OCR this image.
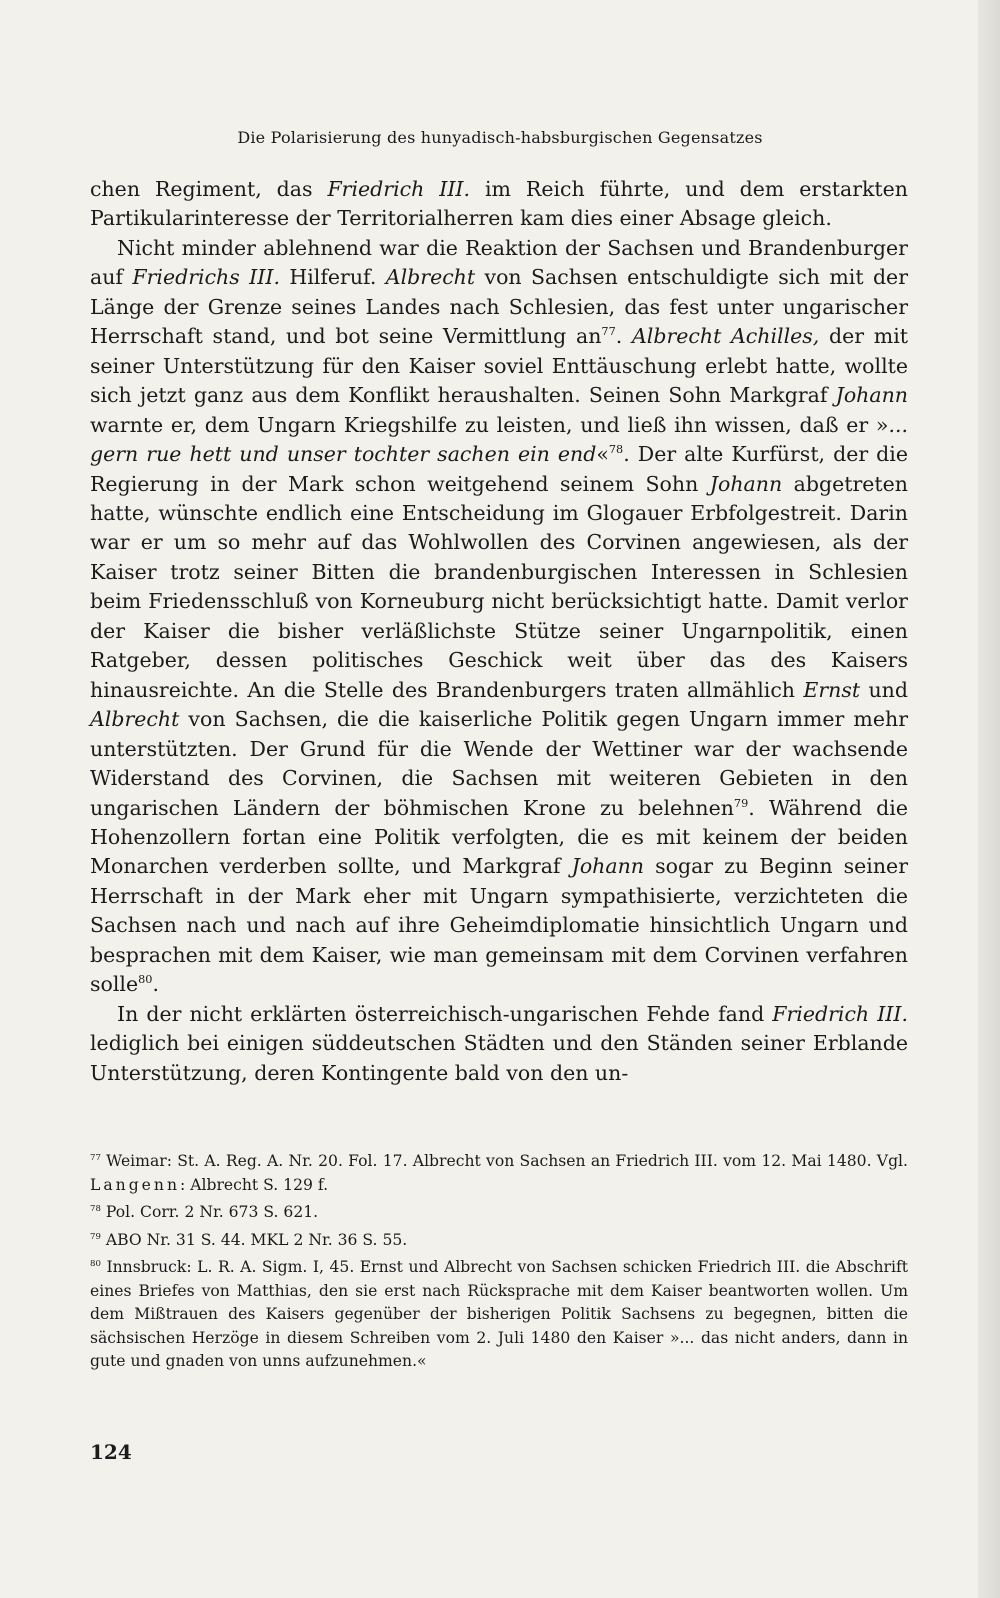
Die Polarisierung des hunyadisch-habsburgischen Gegensatzes

chen Regiment, das Friedrich III. im Reich führte, und dem erstarkten Partikularinteresse der Territorialherren kam dies einer Absage gleich.

Nicht minder ablehnend war die Reaktion der Sachsen und Brandenburger auf Friedrichs III. Hilferuf. Albrecht von Sachsen entschuldigte sich mit der Länge der Grenze seines Landes nach Schlesien, das fest unter ungarischer Herrschaft stand, und bot seine Vermittlung $an^{77}$. Albrecht Achilles, der mit seiner Unterstützung für den Kaiser soviel Enttäuschung erlebt hatte, wollte sich jetzt ganz aus dem Konflikt heraushalten. Seinen Sohn Markgraf Johann warnte er, dem Ungarn Kriegshilfe zu leisten, und ließ ihn wissen, daß er »... gern rue hett und unser tochter sachen ein end«$^{78}$. Der alte Kurfürst, der die Regierung in der Mark schon weitgehend seinem Sohn Johann abgetreten hatte, wünschte endlich eine Entscheidung im Glogauer Erbfolgestreit. Darin war er um so mehr auf das Wohlwollen des Corvinen angewiesen, als der Kaiser trotz seiner Bitten die brandenburgischen Interessen in Schlesien beim Friedensschluß von Korneuburg nicht berücksichtigt hatte. Damit verlor der Kaiser die bisher verläßlichste Stütze seiner Ungarnpolitik, einen Ratgeber, dessen politisches Geschick weit über das des Kaisers hinausreichte. An die Stelle des Brandenburgers traten allmählich Ernst und Albrecht von Sachsen, die die kaiserliche Politik gegen Ungarn immer mehr unterstützten. Der Grund für die Wende der Wettiner war der wachsende Widerstand des Corvinen, die Sachsen mit weiteren Gebieten in den ungarischen Ländern der böhmischen Krone zu belehnen$^{79}$. Während die Hohenzollern fortan eine Politik verfolgten, die es mit keinem der beiden Monarchen verderben sollte, und Markgraf Johann sogar zu Beginn seiner Herrschaft in der Mark eher mit Ungarn sympathisierte, verzichteten die Sachsen nach und nach auf ihre Geheimdiplomatie hinsichtlich Ungarn und besprachen mit dem Kaiser, wie man gemeinsam mit dem Corvinen verfahren solle$^{80}$.

In der nicht erklärten österreichisch-ungarischen Fehde fand Friedrich III. lediglich bei einigen süddeutschen Städten und den Ständen seiner Erblande Unterstützung, deren Kontingente bald von den un-

$^{77}$ Weimar: St. A. Reg. A. Nr. 20. Fol. 17. Albrecht von Sachsen an Friedrich III. vom 12. Mai 1480. Vgl. Langenn: Albrecht S. 129 f.

$^{78}$ Pol. Corr. 2 Nr. 673 S. 621.

$^{79}$ ABO Nr. 31 S. 44. MKL 2 Nr. 36 S. 55.

$^{80}$ Innsbruck: L. R. A. Sigm. I, 45. Ernst und Albrecht von Sachsen schicken Friedrich III. die Abschrift eines Briefes von Matthias, den sie erst nach Rücksprache mit dem Kaiser beantworten wollen. Um dem Mißtrauen des Kaisers gegenüber der bisherigen Politik Sachsens zu begegnen, bitten die sächsischen Herzöge in diesem Schreiben vom 2. Juli 1480 den Kaiser »... das nicht anders, dann in gute und gnaden von unns aufzunehmen.«

124
